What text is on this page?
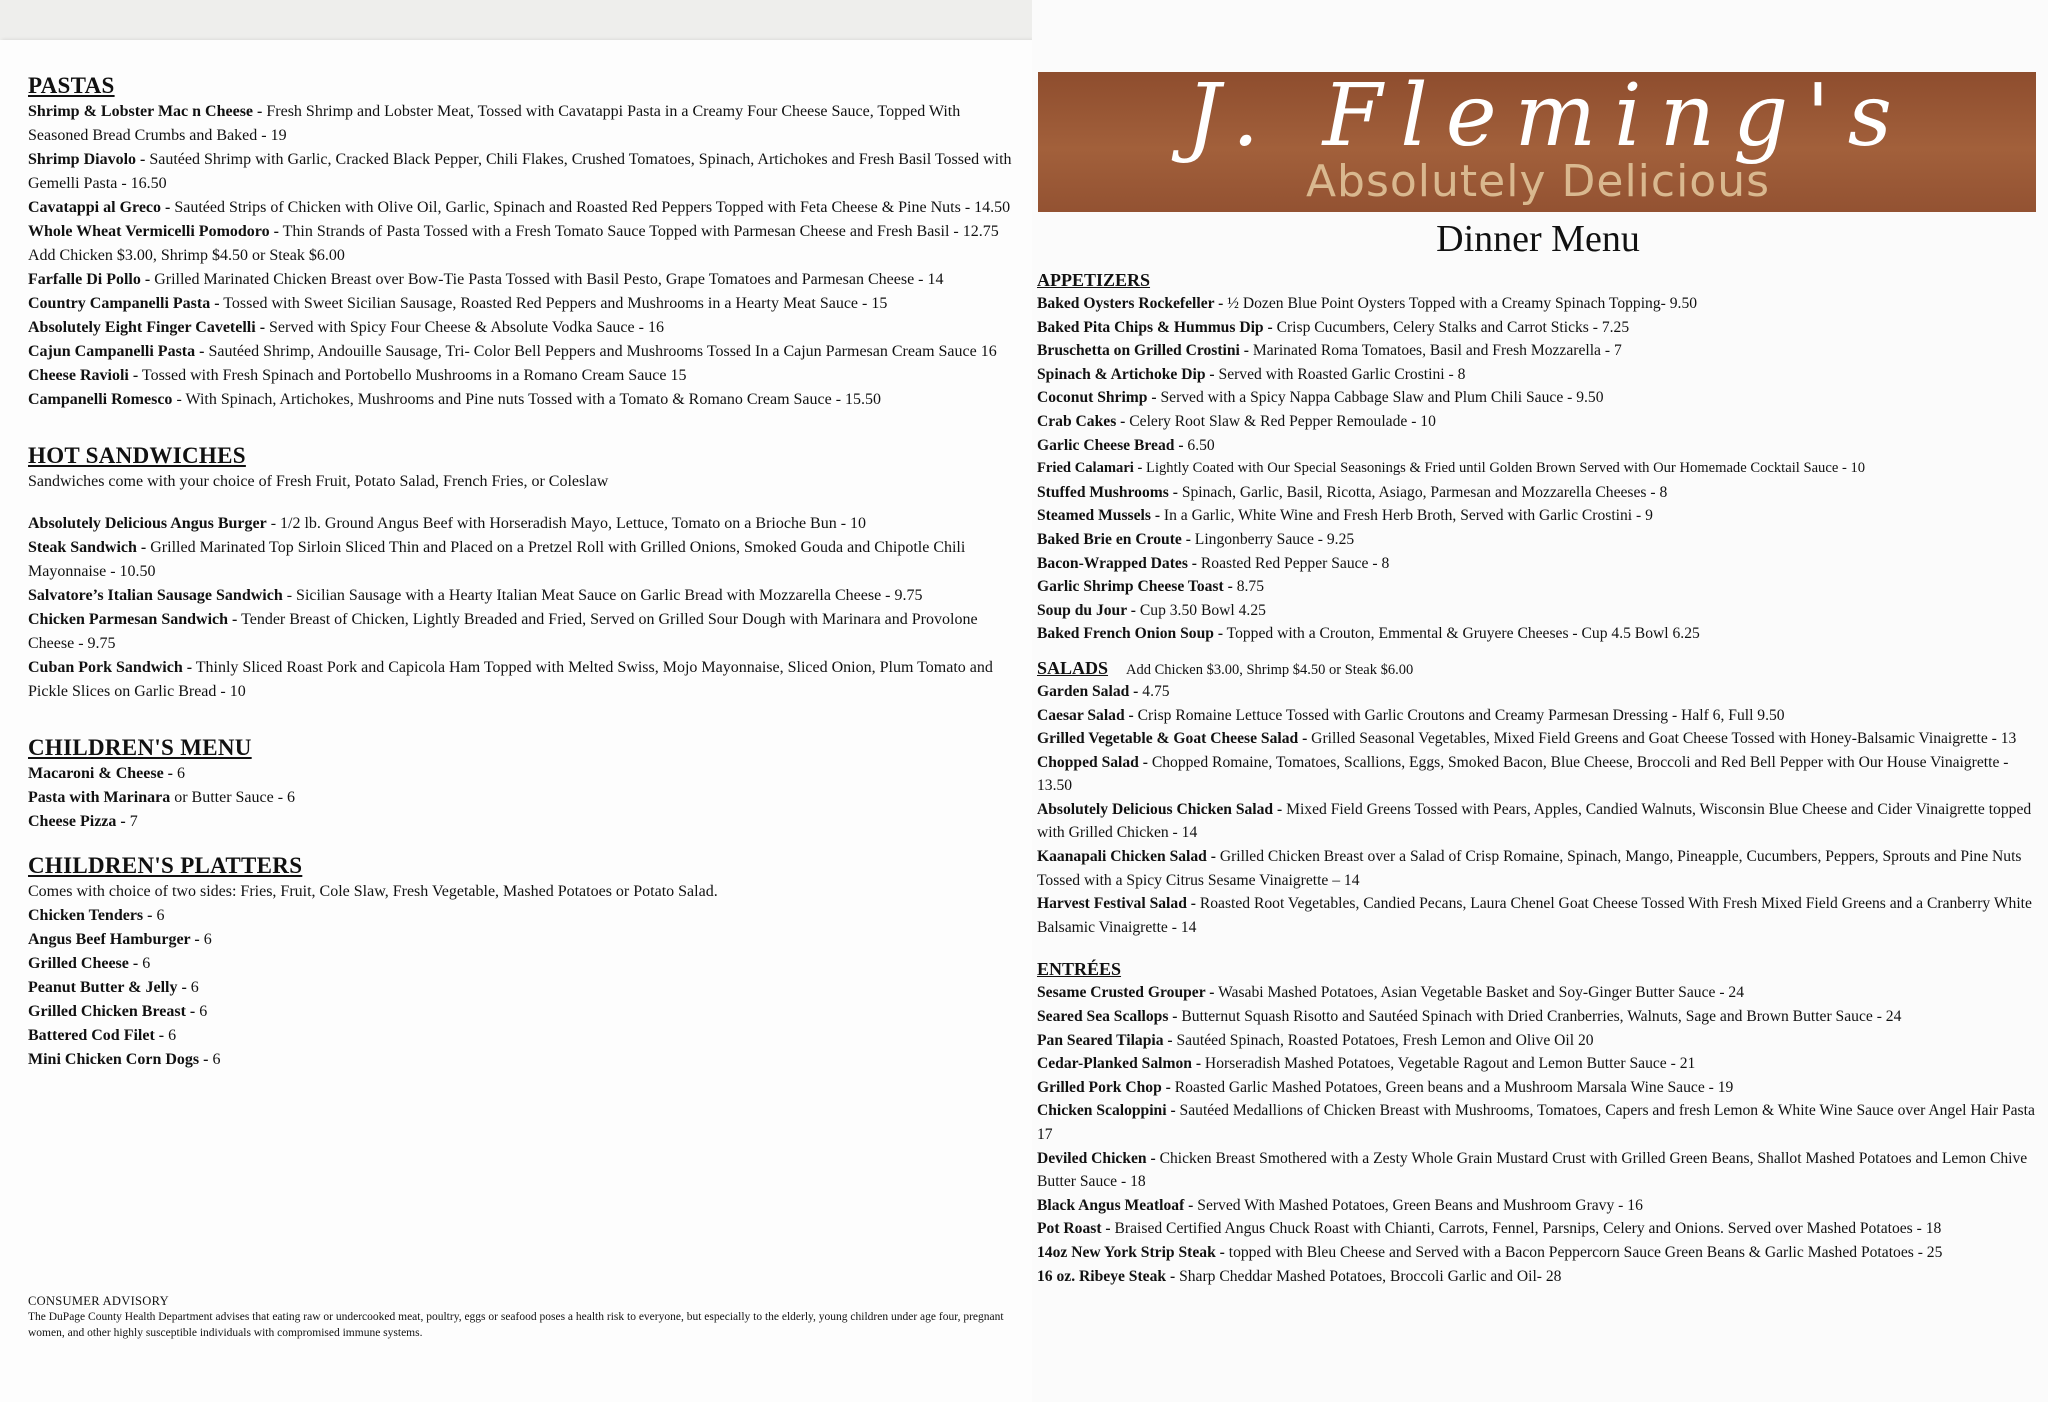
PASTAS

Shrimp & Lobster Mac n Cheese - Fresh Shrimp and Lobster Meat, Tossed with Cavatappi Pasta in a Creamy Four Cheese Sauce, Topped With Seasoned Bread Crumbs and Baked - 19

Shrimp Diavolo - Sautéed Shrimp with Garlic, Cracked Black Pepper, Chili Flakes, Crushed Tomatoes, Spinach, Artichokes and Fresh Basil Tossed with Gemelli Pasta - 16.50

Cavatappi al Greco - Sautéed Strips of Chicken with Olive Oil, Garlic, Spinach and Roasted Red Peppers Topped with Feta Cheese & Pine Nuts - 14.50

Whole Wheat Vermicelli Pomodoro - Thin Strands of Pasta Tossed with a Fresh Tomato Sauce Topped with Parmesan Cheese and Fresh Basil - 12.75 Add Chicken $3.00, Shrimp $4.50 or Steak $6.00

Farfalle Di Pollo - Grilled Marinated Chicken Breast over Bow-Tie Pasta Tossed with Basil Pesto, Grape Tomatoes and Parmesan Cheese - 14

Country Campanelli Pasta - Tossed with Sweet Sicilian Sausage, Roasted Red Peppers and Mushrooms in a Hearty Meat Sauce - 15

Absolutely Eight Finger Cavetelli - Served with Spicy Four Cheese & Absolute Vodka Sauce - 16

Cajun Campanelli Pasta - Sautéed Shrimp, Andouille Sausage, Tri- Color Bell Peppers and Mushrooms Tossed In a Cajun Parmesan Cream Sauce 16

Cheese Ravioli - Tossed with Fresh Spinach and Portobello Mushrooms in a Romano Cream Sauce 15

Campanelli Romesco - With Spinach, Artichokes, Mushrooms and Pine nuts Tossed with a Tomato & Romano Cream Sauce - 15.50

HOT SANDWICHES

Sandwiches come with your choice of Fresh Fruit, Potato Salad, French Fries, or Coleslaw

Absolutely Delicious Angus Burger - 1/2 lb. Ground Angus Beef with Horseradish Mayo, Lettuce, Tomato on a Brioche Bun - 10

Steak Sandwich - Grilled Marinated Top Sirloin Sliced Thin and Placed on a Pretzel Roll with Grilled Onions, Smoked Gouda and Chipotle Chili Mayonnaise - 10.50

Salvatore’s Italian Sausage Sandwich - Sicilian Sausage with a Hearty Italian Meat Sauce on Garlic Bread with Mozzarella Cheese - 9.75

Chicken Parmesan Sandwich - Tender Breast of Chicken, Lightly Breaded and Fried, Served on Grilled Sour Dough with Marinara and Provolone Cheese - 9.75

Cuban Pork Sandwich - Thinly Sliced Roast Pork and Capicola Ham Topped with Melted Swiss, Mojo Mayonnaise, Sliced Onion, Plum Tomato and Pickle Slices on Garlic Bread - 10

CHILDREN'S MENU

Macaroni & Cheese - 6

Pasta with Marinara or Butter Sauce - 6

Cheese Pizza - 7

CHILDREN'S PLATTERS

Comes with choice of two sides: Fries, Fruit, Cole Slaw, Fresh Vegetable, Mashed Potatoes or Potato Salad.

Chicken Tenders - 6

Angus Beef Hamburger - 6

Grilled Cheese - 6

Peanut Butter & Jelly - 6

Grilled Chicken Breast - 6

Battered Cod Filet - 6

Mini Chicken Corn Dogs - 6

CONSUMER ADVISORY

The DuPage County Health Department advises that eating raw or undercooked meat, poultry, eggs or seafood poses a health risk to everyone, but especially to the elderly, young children under age four, pregnant women, and other highly susceptible individuals with compromised immune systems.

J. Fleming's
Absolutely Delicious
Dinner Menu
APPETIZERS

Baked Oysters Rockefeller - ½ Dozen Blue Point Oysters Topped with a Creamy Spinach Topping- 9.50

Baked Pita Chips & Hummus Dip - Crisp Cucumbers, Celery Stalks and Carrot Sticks - 7.25

Bruschetta on Grilled Crostini - Marinated Roma Tomatoes, Basil and Fresh Mozzarella - 7

Spinach & Artichoke Dip - Served with Roasted Garlic Crostini - 8

Coconut Shrimp - Served with a Spicy Nappa Cabbage Slaw and Plum Chili Sauce - 9.50

Crab Cakes - Celery Root Slaw & Red Pepper Remoulade - 10

Garlic Cheese Bread - 6.50

Fried Calamari - Lightly Coated with Our Special Seasonings & Fried until Golden Brown Served with Our Homemade Cocktail Sauce - 10

Stuffed Mushrooms - Spinach, Garlic, Basil, Ricotta, Asiago, Parmesan and Mozzarella Cheeses - 8

Steamed Mussels - In a Garlic, White Wine and Fresh Herb Broth, Served with Garlic Crostini - 9

Baked Brie en Croute - Lingonberry Sauce - 9.25

Bacon-Wrapped Dates - Roasted Red Pepper Sauce - 8

Garlic Shrimp Cheese Toast - 8.75

Soup du Jour - Cup 3.50 Bowl 4.25

Baked French Onion Soup - Topped with a Crouton, Emmental & Gruyere Cheeses - Cup 4.5 Bowl 6.25

SALADS Add Chicken $3.00, Shrimp $4.50 or Steak $6.00

Garden Salad - 4.75

Caesar Salad - Crisp Romaine Lettuce Tossed with Garlic Croutons and Creamy Parmesan Dressing - Half 6, Full 9.50

Grilled Vegetable & Goat Cheese Salad - Grilled Seasonal Vegetables, Mixed Field Greens and Goat Cheese Tossed with Honey-Balsamic Vinaigrette - 13

Chopped Salad - Chopped Romaine, Tomatoes, Scallions, Eggs, Smoked Bacon, Blue Cheese, Broccoli and Red Bell Pepper with Our House Vinaigrette - 13.50

Absolutely Delicious Chicken Salad - Mixed Field Greens Tossed with Pears, Apples, Candied Walnuts, Wisconsin Blue Cheese and Cider Vinaigrette topped with Grilled Chicken - 14

Kaanapali Chicken Salad - Grilled Chicken Breast over a Salad of Crisp Romaine, Spinach, Mango, Pineapple, Cucumbers, Peppers, Sprouts and Pine Nuts Tossed with a Spicy Citrus Sesame Vinaigrette – 14

Harvest Festival Salad - Roasted Root Vegetables, Candied Pecans, Laura Chenel Goat Cheese Tossed With Fresh Mixed Field Greens and a Cranberry White Balsamic Vinaigrette - 14

ENTRÉES

Sesame Crusted Grouper - Wasabi Mashed Potatoes, Asian Vegetable Basket and Soy-Ginger Butter Sauce - 24

Seared Sea Scallops - Butternut Squash Risotto and Sautéed Spinach with Dried Cranberries, Walnuts, Sage and Brown Butter Sauce - 24

Pan Seared Tilapia - Sautéed Spinach, Roasted Potatoes, Fresh Lemon and Olive Oil 20

Cedar-Planked Salmon - Horseradish Mashed Potatoes, Vegetable Ragout and Lemon Butter Sauce - 21

Grilled Pork Chop - Roasted Garlic Mashed Potatoes, Green beans and a Mushroom Marsala Wine Sauce - 19

Chicken Scaloppini - Sautéed Medallions of Chicken Breast with Mushrooms, Tomatoes, Capers and fresh Lemon & White Wine Sauce over Angel Hair Pasta 17

Deviled Chicken - Chicken Breast Smothered with a Zesty Whole Grain Mustard Crust with Grilled Green Beans, Shallot Mashed Potatoes and Lemon Chive Butter Sauce - 18

Black Angus Meatloaf - Served With Mashed Potatoes, Green Beans and Mushroom Gravy - 16

Pot Roast - Braised Certified Angus Chuck Roast with Chianti, Carrots, Fennel, Parsnips, Celery and Onions. Served over Mashed Potatoes - 18

14oz New York Strip Steak - topped with Bleu Cheese and Served with a Bacon Peppercorn Sauce Green Beans & Garlic Mashed Potatoes - 25

16 oz. Ribeye Steak - Sharp Cheddar Mashed Potatoes, Broccoli Garlic and Oil- 28
